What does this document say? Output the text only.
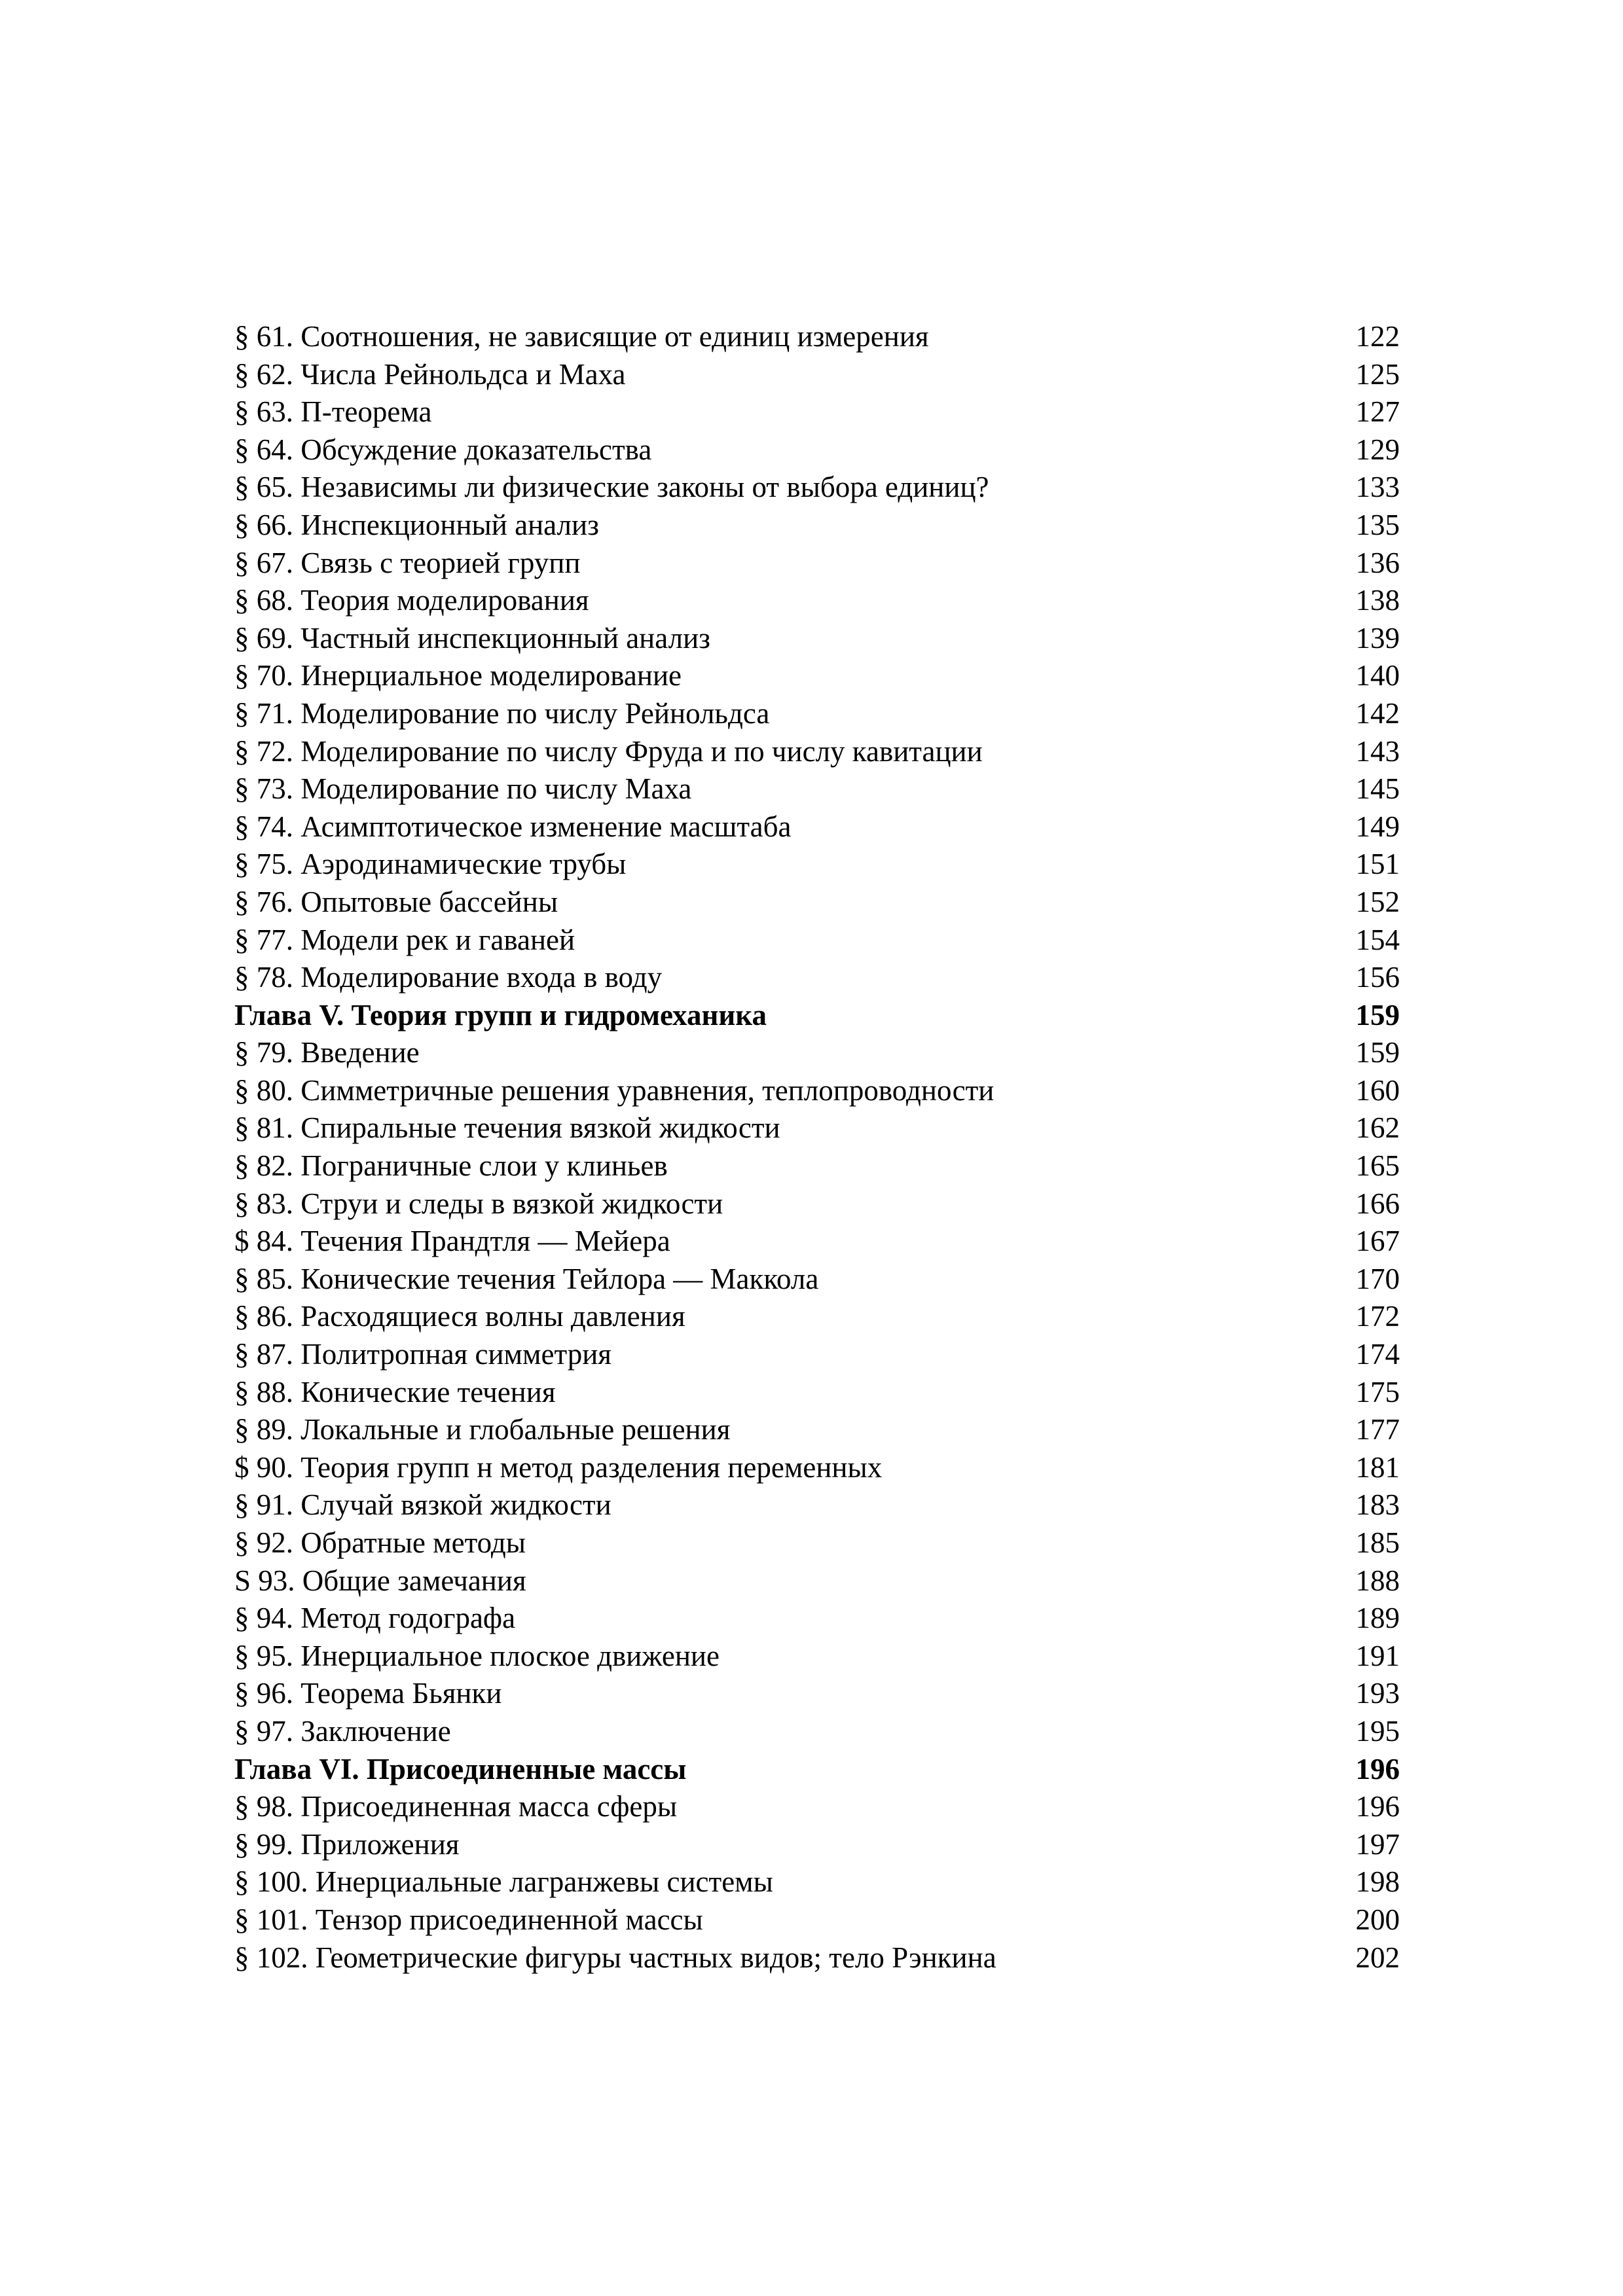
§ 61. Соотношения, не зависящие от единиц измерения	122
§ 62. Числа Рейнольдса и Маха	125
§ 63. П-теорема	127
§ 64. Обсуждение доказательства	129
§ 65. Независимы ли физические законы от выбора единиц?	133
§ 66. Инспекционный анализ	135
§ 67. Связь с теорией групп	136
§ 68. Теория моделирования	138
§ 69. Частный инспекционный анализ	139
§ 70. Инерциальное моделирование	140
§ 71. Моделирование по числу Рейнольдса	142
§ 72. Моделирование по числу Фруда и по числу кавитации	143
§ 73. Моделирование по числу Маха	145
§ 74. Асимптотическое изменение масштаба	149
§ 75. Аэродинамические трубы	151
§ 76. Опытовые бассейны	152
§ 77. Модели рек и гаваней	154
§ 78. Моделирование входа в воду	156
Глава V. Теория групп и гидромеханика	159
§ 79. Введение	159
§ 80. Симметричные решения уравнения, теплопроводности	160
§ 81. Спиральные течения вязкой жидкости	162
§ 82. Пограничные слои у клиньев	165
§ 83. Струи и следы в вязкой жидкости	166
$ 84. Течения Прандтля — Мейера	167
§ 85. Конические течения Тейлора — Маккола	170
§ 86. Расходящиеся волны давления	172
§ 87. Политропная симметрия	174
§ 88. Конические течения	175
§ 89. Локальные и глобальные решения	177
$ 90. Теория групп н метод разделения переменных	181
§ 91. Случай вязкой жидкости	183
§ 92. Обратные методы	185
S 93. Общие замечания	188
§ 94. Метод годографа	189
§ 95. Инерциальное плоское движение	191
§ 96. Теорема Бьянки	193
§ 97. Заключение	195
Глава VI. Присоединенные массы	196
§ 98. Присоединенная масса сферы	196
§ 99. Приложения	197
§ 100. Инерциальные лагранжевы системы	198
§ 101. Тензор присоединенной массы	200
§ 102. Геометрические фигуры частных видов; тело Рэнкина	202
